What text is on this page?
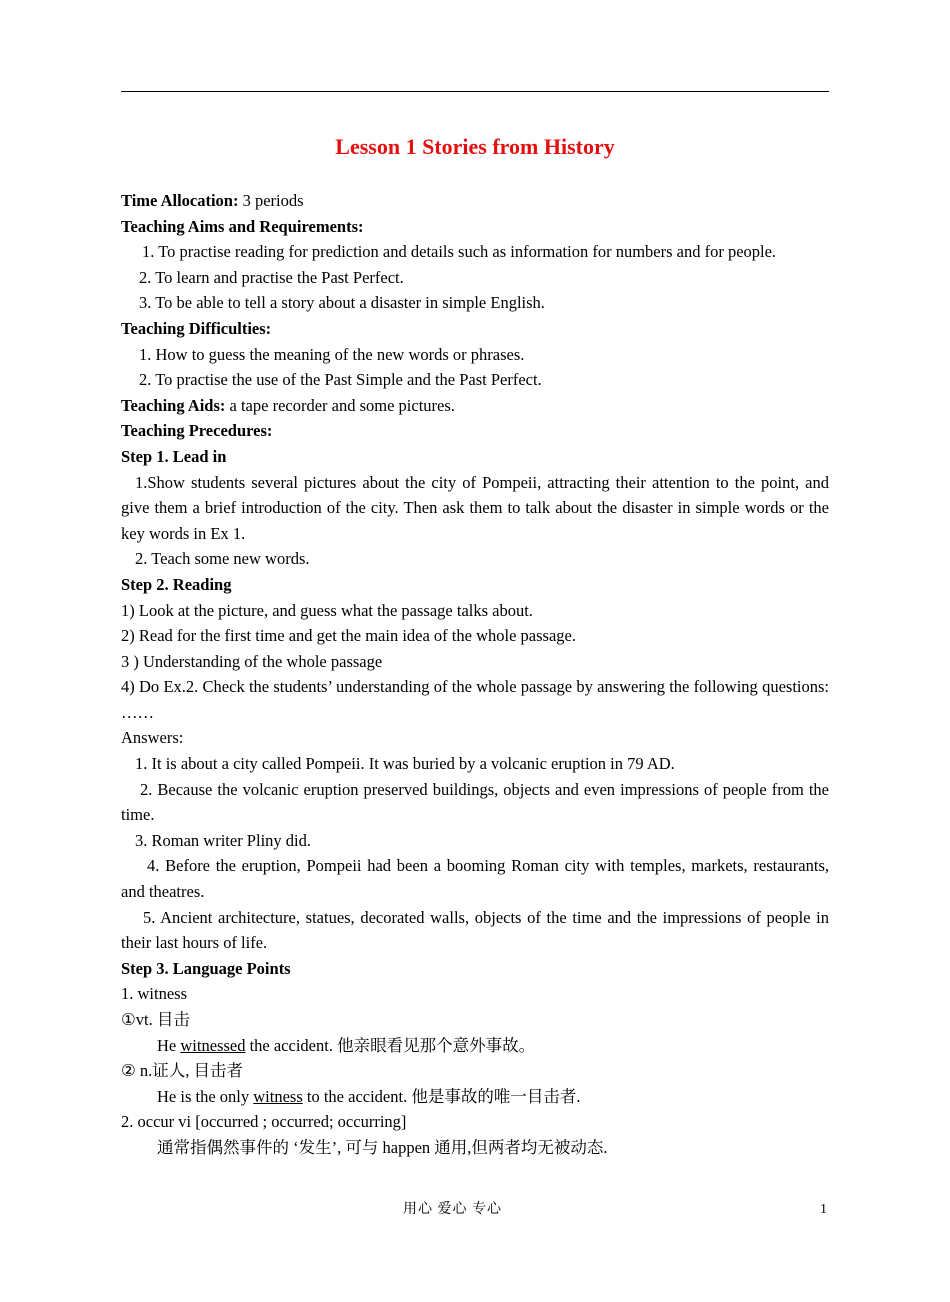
Lesson 1 Stories from History
Time Allocation: 3 periods
Teaching Aims and Requirements:
1. To practise reading for prediction and details such as information for numbers and for people.
2. To learn and practise the Past Perfect.
3. To be able to tell a story about a disaster in simple English.
Teaching Difficulties:
1. How to guess the meaning of the new words or phrases.
2. To practise the use of the Past Simple and the Past Perfect.
Teaching Aids: a tape recorder and some pictures.
Teaching Precedures:
Step 1. Lead in
1.Show students several pictures about the city of Pompeii, attracting their attention to the point, and give them a brief introduction of the city. Then ask them to talk about the disaster in simple words or the key words in Ex 1.
2. Teach some new words.
Step 2. Reading
1) Look at the picture, and guess what the passage talks about.
2) Read for the first time and get the main idea of the whole passage.
3 ) Understanding of the whole passage
4) Do Ex.2. Check the students’ understanding of the whole passage by answering the following questions: ……
Answers:
1. It is about a city called Pompeii. It was buried by a volcanic eruption in 79 AD.
2. Because the volcanic eruption preserved buildings, objects and even impressions of people from the time.
3. Roman writer Pliny did.
4. Before the eruption, Pompeii had been a booming Roman city with temples, markets, restaurants, and theatres.
5. Ancient architecture, statues, decorated walls, objects of the time and the impressions of people in their last hours of life.
Step 3. Language Points
1. witness
①vt. 目击
He witnessed the accident. 他亲眼看见那个意外事故。
② n.证人, 目击者
He is the only witness to the accident. 他是事故的唯一目击者.
2. occur vi [occurred ; occurred; occurring]
通常指偶然事件的 ‘发生’, 可与 happen 通用,但两者均无被动态.
用心 爱心 专心	1
